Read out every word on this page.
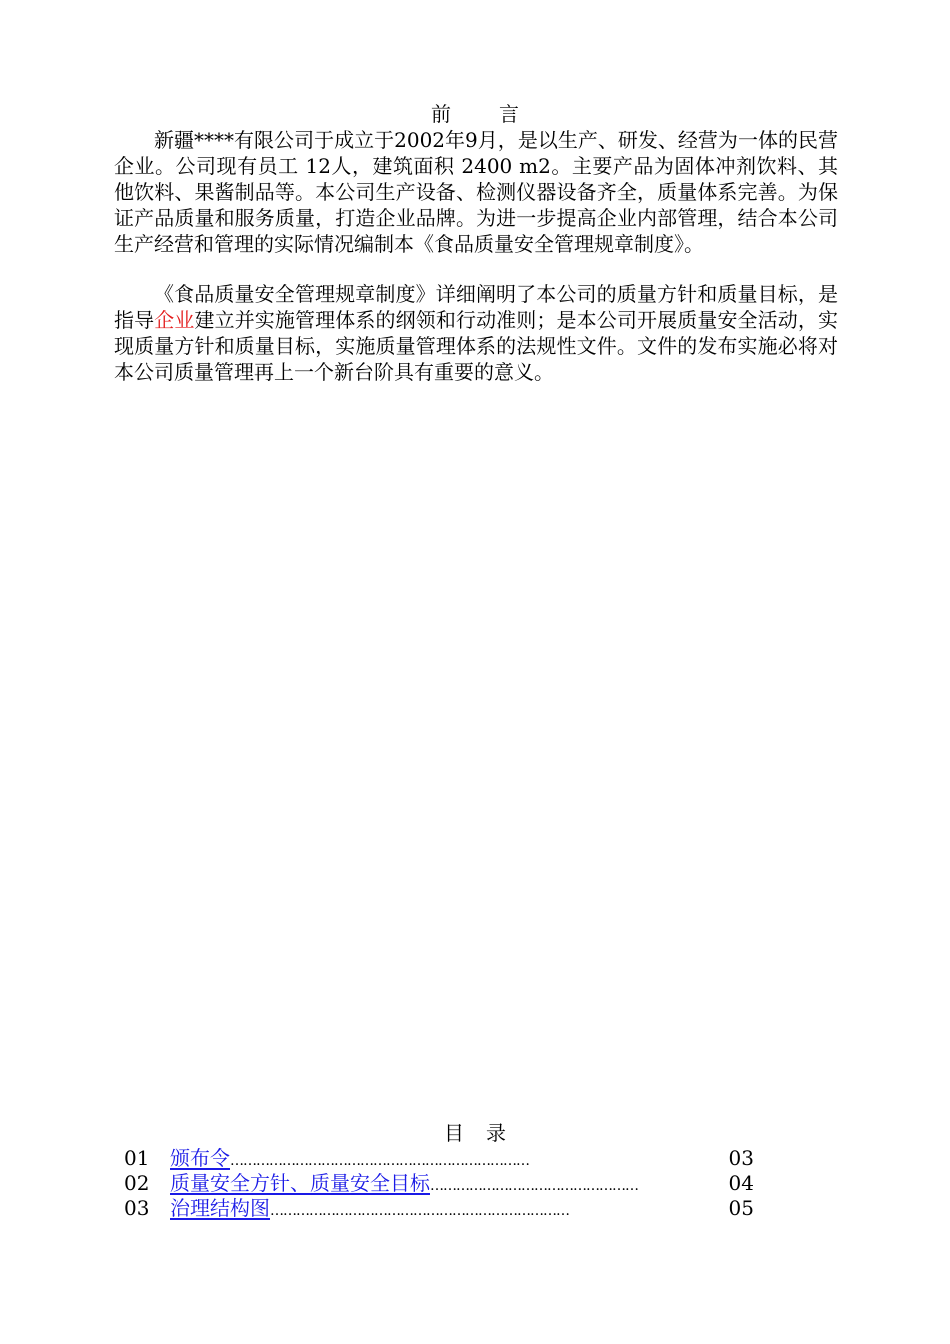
前 言
新疆****有限公司于成立于2002年9月，是以生产、研发、经营为一体的民营企业。公司现有员工 12人，建筑面积 2400 m2。主要产品为固体冲剂饮料、其他饮料、果酱制品等。本公司生产设备、检测仪器设备齐全，质量体系完善。为保证产品质量和服务质量，打造企业品牌。为进一步提高企业内部管理，结合本公司生产经营和管理的实际情况编制本《食品质量安全管理规章制度》。
《食品质量安全管理规章制度》详细阐明了本公司的质量方针和质量目标，是指导企业建立并实施管理体系的纲领和行动准则；是本公司开展质量安全活动，实现质量方针和质量目标，实施质量管理体系的法规性文件。文件的发布实施必将对本公司质量管理再上一个新台阶具有重要的意义。
目 录
01	颁布令 ……………………………………………………………	03
02	质量安全方针、质量安全目标 …………………………………………	04
03	治理结构图 ……………………………………………………………	05
